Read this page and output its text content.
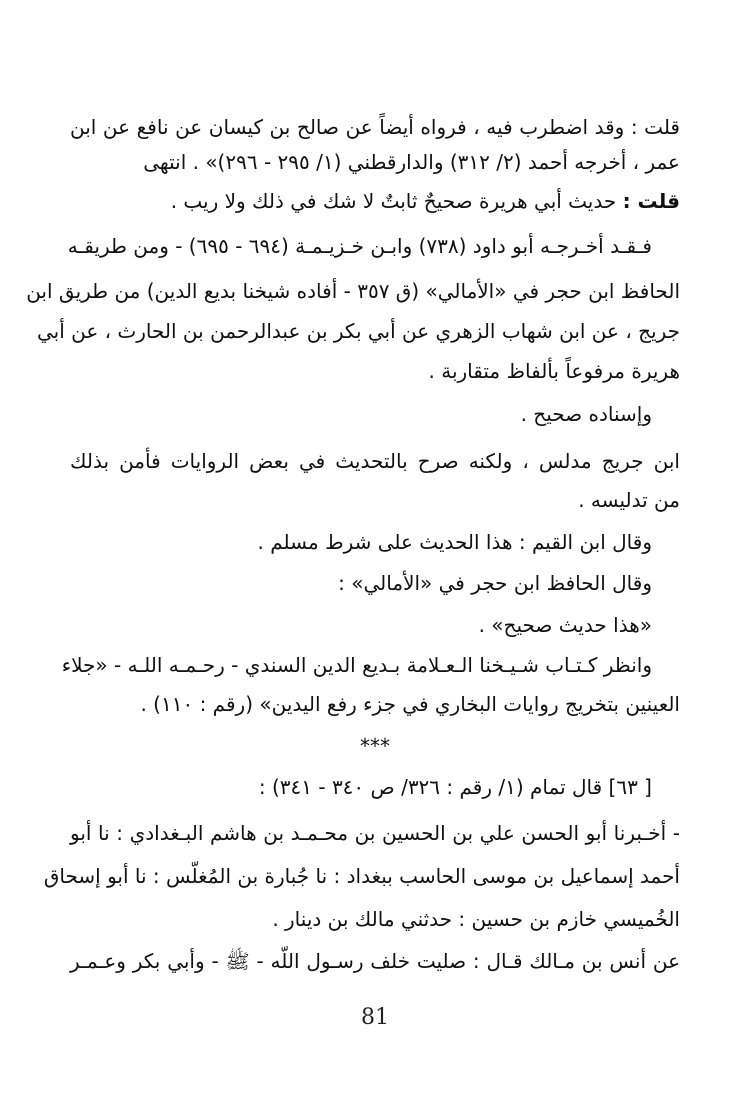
قلت : وقد اضطرب فيه ، فرواه أيضاً عن صالح بن كيسان عن نافع عن ابن
عمر ، أخرجه أحمد (٢/ ٣١٢) والدارقطني (١/ ٢٩٥ - ٢٩٦)» . انتهى
قلت : حديث أبي هريرة صحيحٌ ثابتٌ لا شك في ذلك ولا ريب .
فـقـد أخـرجـه أبو داود (٧٣٨) وابـن خـزيـمـة (٦٩٤ - ٦٩٥) - ومن طريقـه
الحافظ ابن حجر في «الأمالي» (ق ٣٥٧ - أفاده شيخنا بديع الدين) من طريق ابن
جريج ، عن ابن شهاب الزهري عن أبي بكر بن عبدالرحمن بن الحارث ، عن أبي
هريرة مرفوعاً بألفاظ متقاربة .
وإسناده صحيح .
ابن جريج مدلس ، ولكنه صرح بالتحديث في بعض الروايات فأمن بذلك
من تدليسه .
وقال ابن القيم : هذا الحديث على شرط مسلم .
وقال الحافظ ابن حجر في «الأمالي» :
«هذا حديث صحيح» .
وانظر كـتـاب شـيـخنا الـعـلامة بـديع الدين السندي - رحـمـه اللـه - «جلاء
العينين بتخريج روايات البخاري في جزء رفع اليدين» (رقم : ١١٠) .
***
[ ٦٣] قال تمام (١/ رقم : ٣٢٦/ ص ٣٤٠ - ٣٤١) :
- أخـبرنا أبو الحسن علي بن الحسين بن محـمـد بن هاشم البـغدادي : نا أبو
أحمد إسماعيل بن موسى الحاسب ببغداد : نا جُبارة بن المُغلّس : نا أبو إسحاق
الخُميسي خازم بن حسين : حدثني مالك بن دينار .
عن أنس بن مـالك قـال : صليت خلف رسـول اللّه - ﷺ - وأبي بكر وعـمـر
81
